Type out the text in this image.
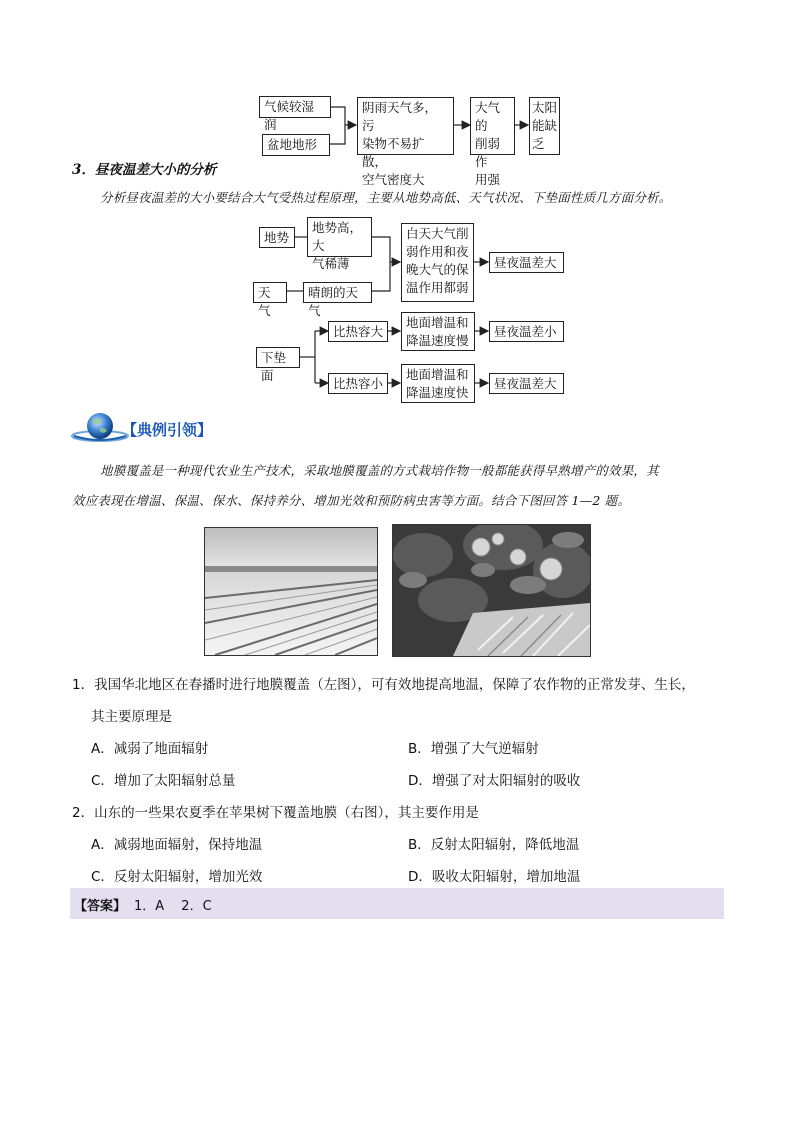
气候较湿润
盆地地形
阴雨天气多，污
染物不易扩散，
空气密度大
大气的
削弱作
用强
太阳
能缺
乏
3．昼夜温差大小的分析
分析昼夜温差的大小要结合大气受热过程原理，主要从地势高低、天气状况、下垫面性质几方面分析。
地势
地势高，大
气稀薄
天气
晴朗的天气
白天大气削
弱作用和夜
晚大气的保
温作用都弱
昼夜温差大
下垫面
比热容大
地面增温和
降温速度慢
昼夜温差小
比热容小
地面增温和
降温速度快
昼夜温差大
【典例引领】
地膜覆盖是一种现代农业生产技术，采取地膜覆盖的方式栽培作物一般都能获得早熟增产的效果，其
效应表现在增温、保温、保水、保持养分、增加光效和预防病虫害等方面。结合下图回答 1—2 题。
1．我国华北地区在春播时进行地膜覆盖（左图），可有效地提高地温，保障了农作物的正常发芽、生长，
其主要原理是
A．减弱了地面辐射	B．增强了大气逆辐射
C．增加了太阳辐射总量	D．增强了对太阳辐射的吸收
2．山东的一些果农夏季在苹果树下覆盖地膜（右图），其主要作用是
A．减弱地面辐射，保持地温	B．反射太阳辐射，降低地温
C．反射太阳辐射，增加光效	D．吸收太阳辐射，增加地温
【答案】 1．A　 2．C
